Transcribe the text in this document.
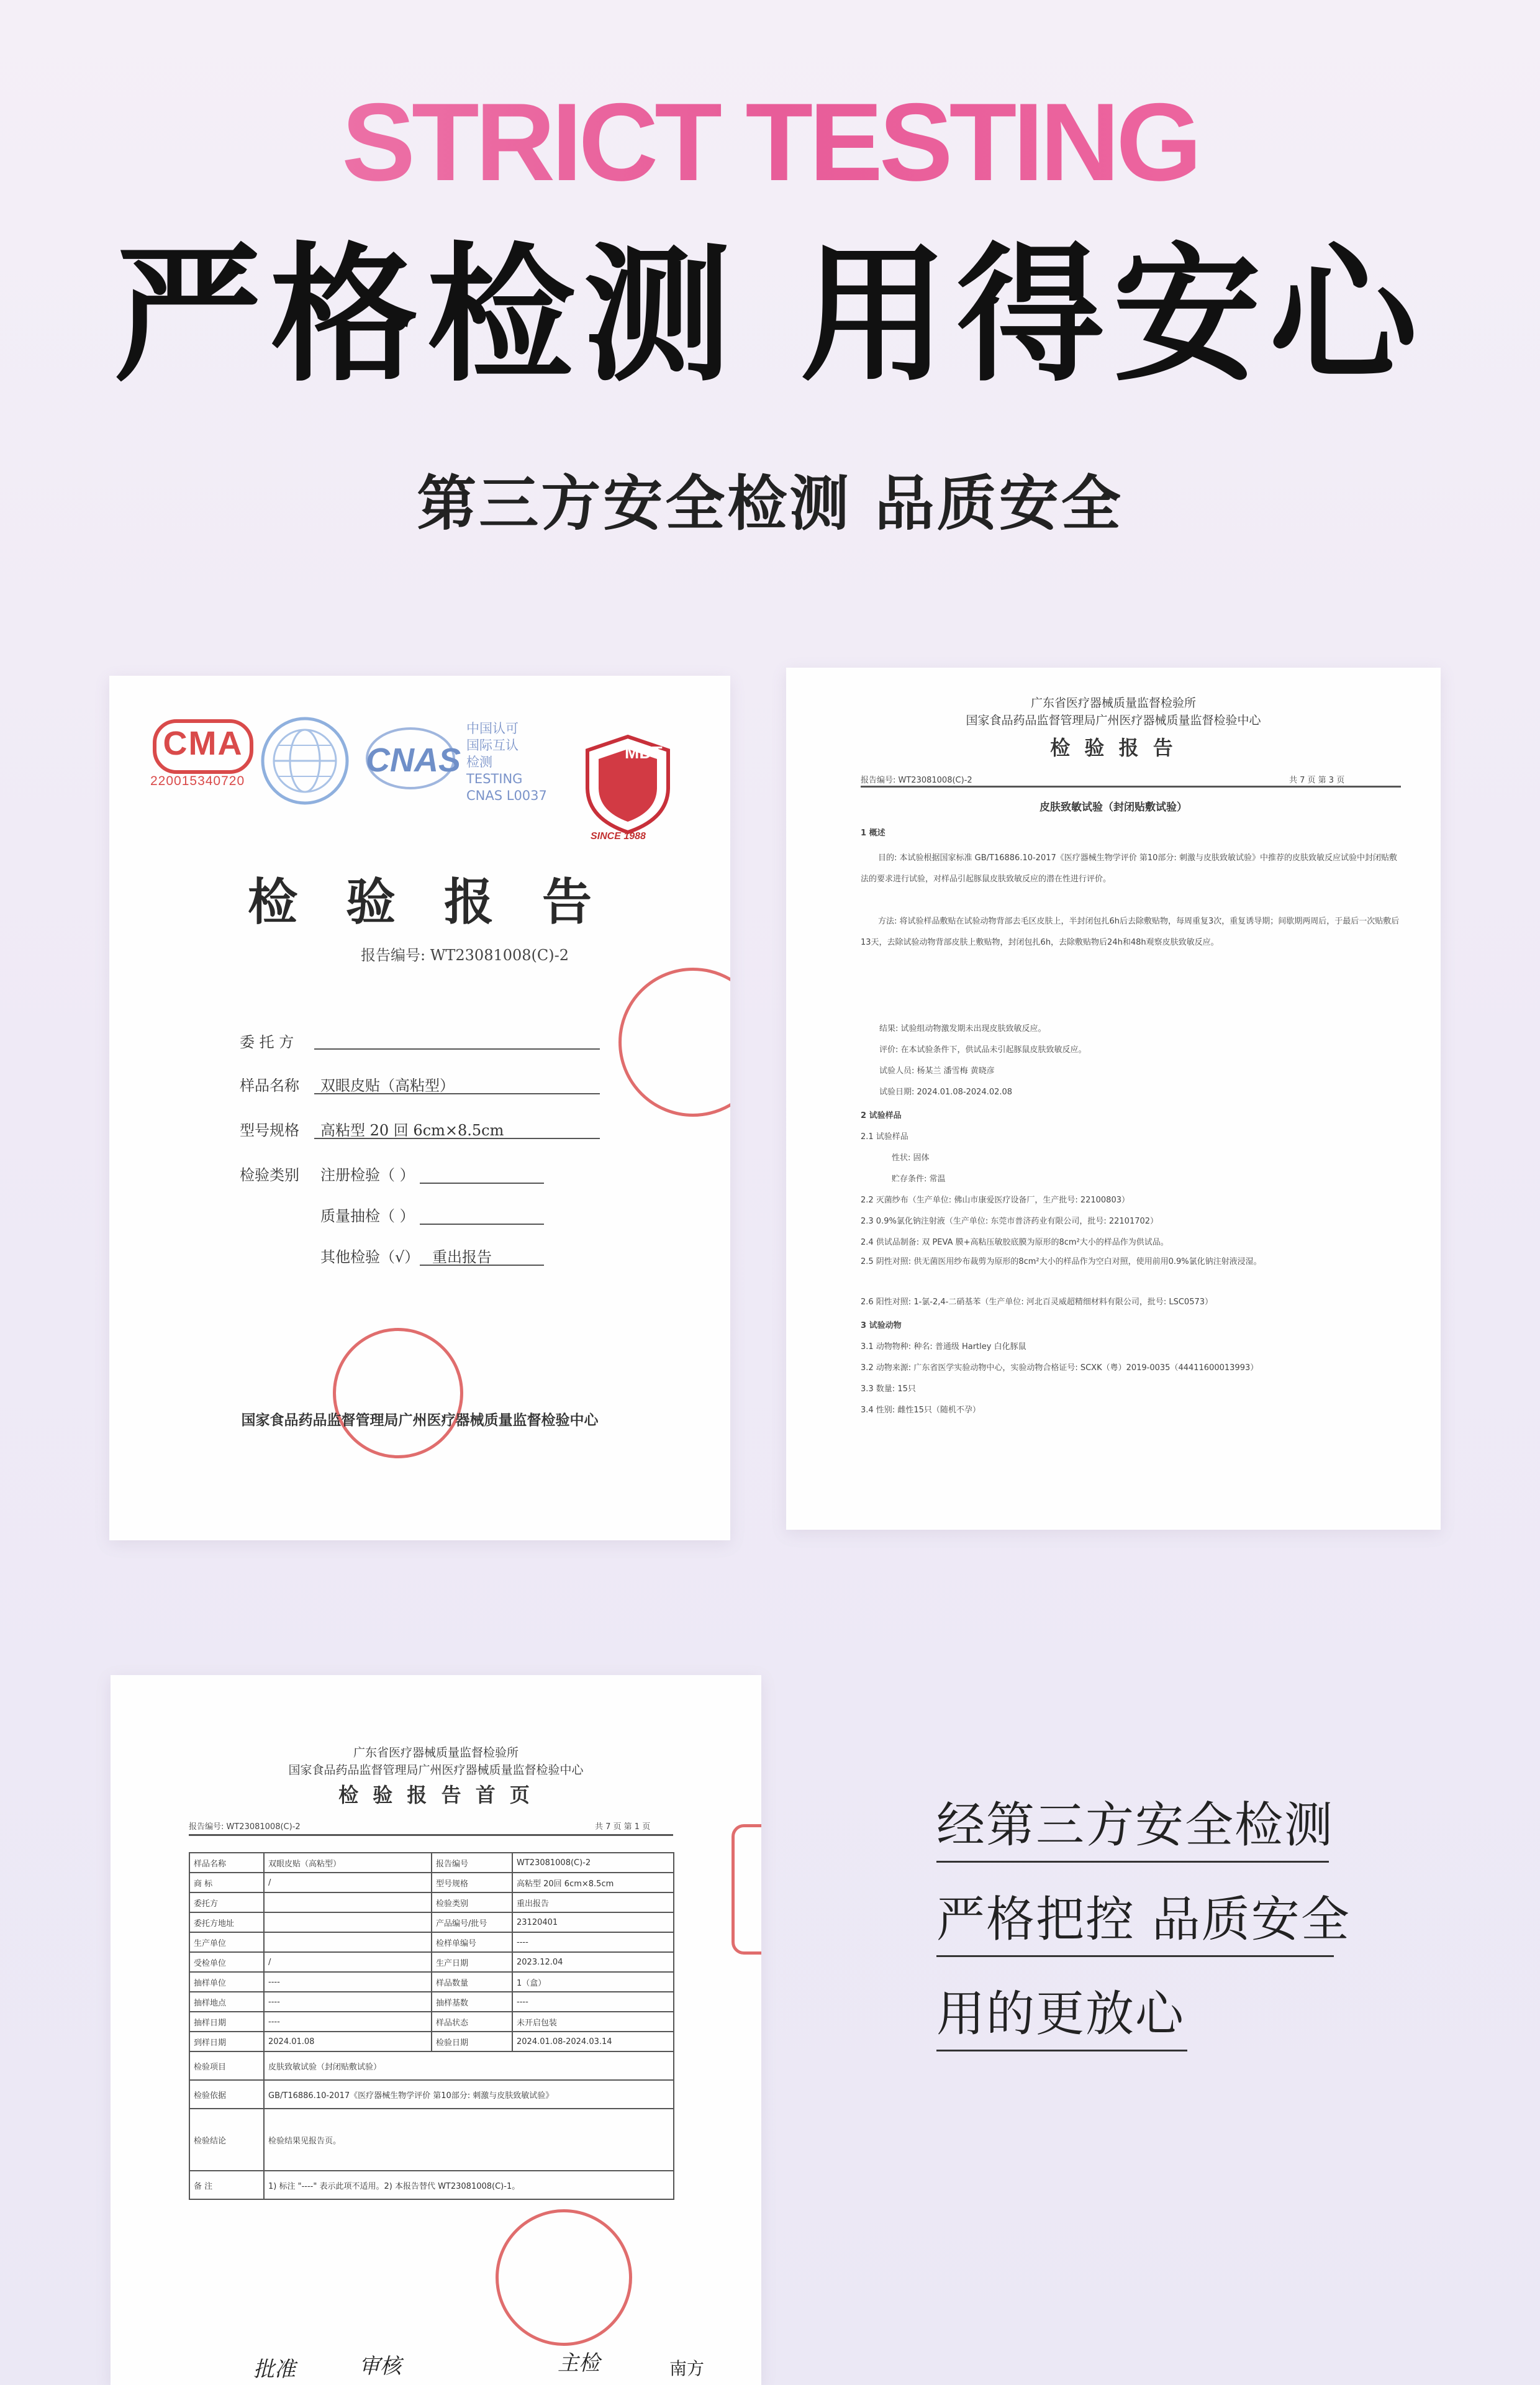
STRICT TESTING
严格检测 用得安心
第三方安全检测 品质安全
CMA
220015340720
CNAS
中国认可
国际互认
检测
TESTING
CNAS L0037
MDT
SINCE 1988
检验报告
报告编号: WT23081008(C)-2
委 托 方
样品名称 双眼皮贴（高粘型）
型号规格 高粘型 20 回 6cm×8.5cm
检验类别 注册检验（ ）
质量抽检（ ）
其他检验（√） 重出报告
国家食品药品监督管理局广州医疗器械质量监督检验中心
广东省医疗器械质量监督检验所
国家食品药品监督管理局广州医疗器械质量监督检验中心
检 验 报 告
报告编号: WT23081008(C)-2	共 7 页 第 3 页
皮肤致敏试验（封闭贴敷试验）
1 概述
目的: 本试验根据国家标准 GB/T16886.10-2017《医疗器械生物学评价 第10部分: 刺激与皮肤致敏试验》中推荐的皮肤致敏反应试验中封闭贴敷法的要求进行试验，对样品引起豚鼠皮肤致敏反应的潜在性进行评价。
方法: 将试验样品敷贴在试验动物背部去毛区皮肤上，半封闭包扎6h后去除敷贴物，每周重复3次，重复诱导期；间歇期两周后，于最后一次贴敷后13天，去除试验动物背部皮肤上敷贴物，封闭包扎6h，去除敷贴物后24h和48h观察皮肤致敏反应。
结果: 试验组动物激发期未出现皮肤致敏反应。
评价: 在本试验条件下，供试品未引起豚鼠皮肤致敏反应。
试验人员: 杨某兰 潘雪梅 黄晓彦
试验日期: 2024.01.08-2024.02.08
2 试验样品
2.1 试验样品
性状: 固体
贮存条件: 常温
2.2 灭菌纱布（生产单位: 佛山市康爱医疗设备厂，生产批号: 22100803）
2.3 0.9%氯化钠注射液（生产单位: 东莞市普济药业有限公司，批号: 22101702）
2.4 供试品制备: 双 PEVA 膜+高粘压敏胶底膜为原形的8cm²大小的样品作为供试品。
2.5 阴性对照: 供无菌医用纱布裁剪为原形的8cm²大小的样品作为空白对照，使用前用0.9%氯化钠注射液浸湿。
2.6 阳性对照: 1-氯-2,4-二硝基苯（生产单位: 河北百灵威超精细材料有限公司，批号: LSC0573）
3 试验动物
3.1 动物物种: 种名: 普通级 Hartley 白化豚鼠
3.2 动物来源: 广东省医学实验动物中心，实验动物合格证号: SCXK（粤）2019-0035（44411600013993）
3.3 数量: 15只
3.4 性别: 雌性15只（随机不孕）
广东省医疗器械质量监督检验所
国家食品药品监督管理局广州医疗器械质量监督检验中心
检 验 报 告 首 页
报告编号: WT23081008(C)-2	共 7 页 第 1 页
样品名称	双眼皮贴（高粘型）	报告编号	WT23081008(C)-2
商 标	/	型号规格	高粘型 20回 6cm×8.5cm
委托方		检验类别	重出报告
委托方地址		产品编号/批号	23120401
生产单位		检样单编号	----
受检单位	/	生产日期	2023.12.04
抽样单位	----	样品数量	1（盒）
抽样地点	----	抽样基数	----
抽样日期	----	样品状态	未开启包装
到样日期	2024.01.08	检验日期	2024.01.08-2024.03.14
检验项目	皮肤致敏试验（封闭贴敷试验）		
检验依据	GB/T16886.10-2017《医疗器械生物学评价 第10部分: 刺激与皮肤致敏试验》		
检验结论	检验结果见报告页。		
备 注	1) 标注 "----" 表示此项不适用。2) 本报告替代 WT23081008(C)-1。		
批准	审核	主检	南方
经第三方安全检测
严格把控 品质安全
用的更放心
